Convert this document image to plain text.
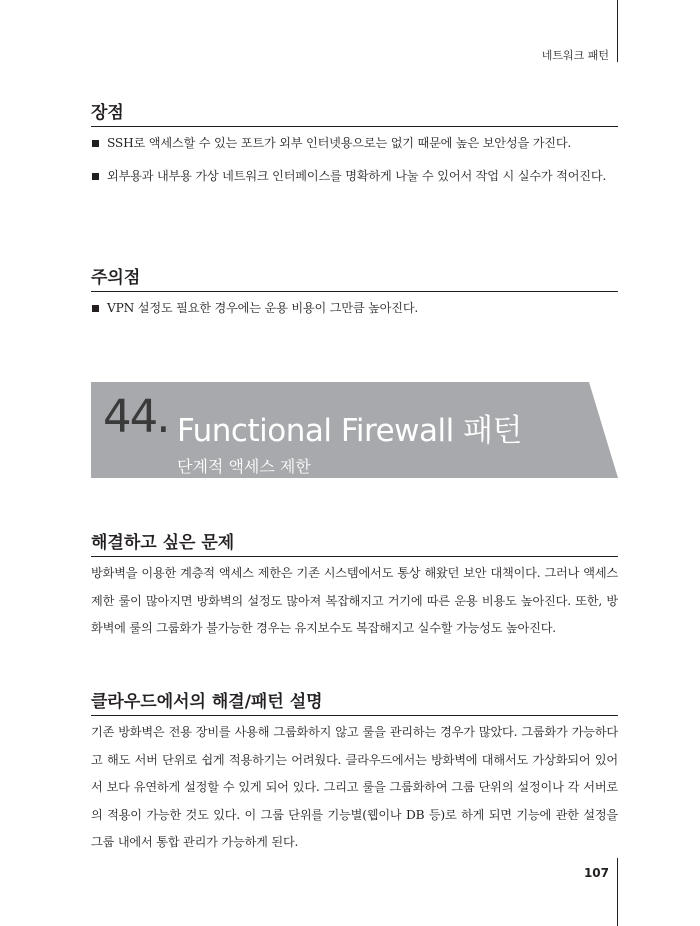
네트워크 패턴
장점
SSH로 액세스할 수 있는 포트가 외부 인터넷용으로는 없기 때문에 높은 보안성을 가진다.
외부용과 내부용 가상 네트워크 인터페이스를 명확하게 나눌 수 있어서 작업 시 실수가 적어진다.
주의점
VPN 설정도 필요한 경우에는 운용 비용이 그만큼 높아진다.
44. Functional Firewall 패턴
단계적 액세스 제한
해결하고 싶은 문제

방화벽을 이용한 계층적 액세스 제한은 기존 시스템에서도 통상 해왔던 보안 대책이다. 그러나 액세스 제한 룰이 많아지면 방화벽의 설정도 많아져 복잡해지고 거기에 따른 운용 비용도 높아진다. 또한, 방화벽에 룰의 그룹화가 불가능한 경우는 유지보수도 복잡해지고 실수할 가능성도 높아진다.

클라우드에서의 해결/패턴 설명

기존 방화벽은 전용 장비를 사용해 그룹화하지 않고 룰을 관리하는 경우가 많았다. 그룹화가 가능하다고 해도 서버 단위로 쉽게 적용하기는 어려웠다. 클라우드에서는 방화벽에 대해서도 가상화되어 있어서 보다 유연하게 설정할 수 있게 되어 있다. 그리고 룰을 그룹화하여 그룹 단위의 설정이나 각 서버로의 적용이 가능한 것도 있다. 이 그룹 단위를 기능별(웹이나 DB 등)로 하게 되면 기능에 관한 설정을 그룹 내에서 통합 관리가 가능하게 된다.

107
